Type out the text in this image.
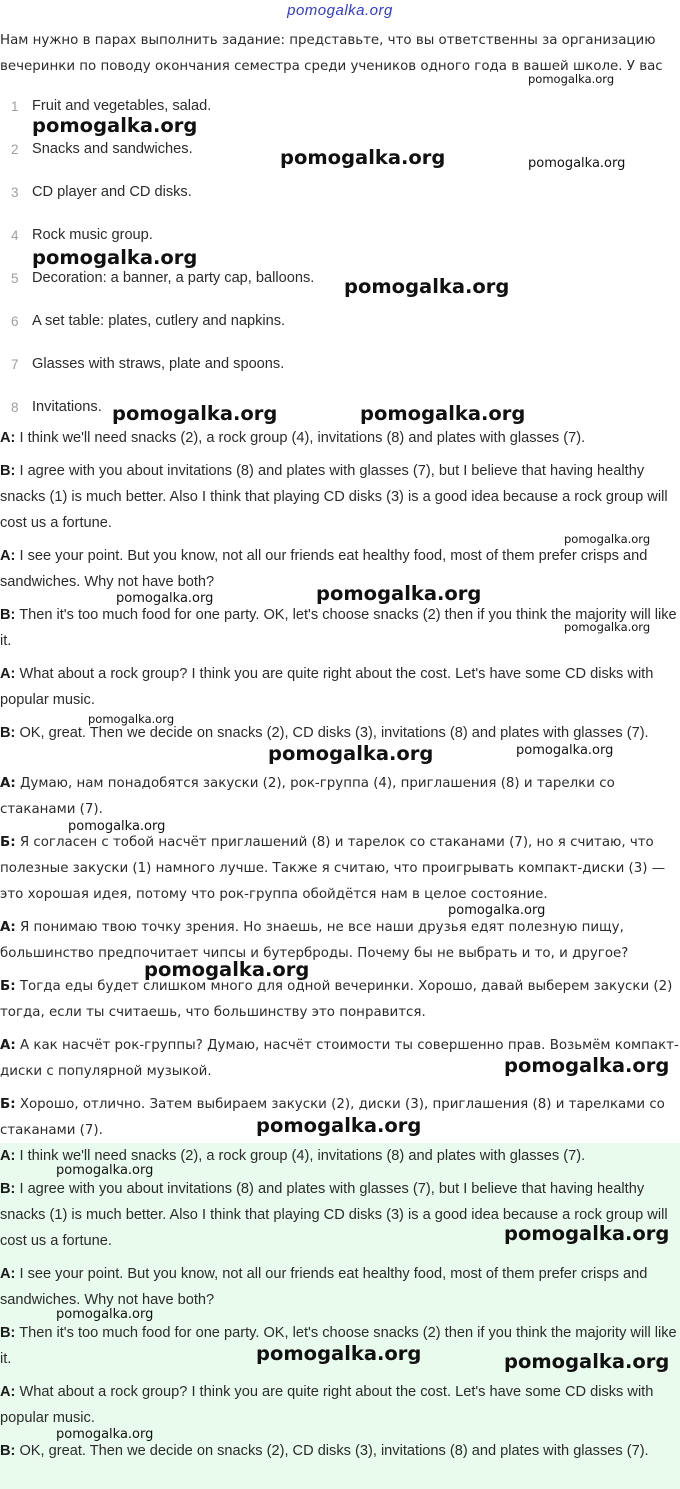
pomogalka.org
Нам нужно в парах выполнить задание: представьте, что вы ответственны за организацию вечеринки по поводу окончания семестра среди учеников одного года в вашей школе. У вас
1 Fruit and vegetables, salad.
2 Snacks and sandwiches.
3 CD player and CD disks.
4 Rock music group.
5 Decoration: a banner, a party cap, balloons.
6 A set table: plates, cutlery and napkins.
7 Glasses with straws, plate and spoons.
8 Invitations.
A: I think we'll need snacks (2), a rock group (4), invitations (8) and plates with glasses (7).
B: I agree with you about invitations (8) and plates with glasses (7), but I believe that having healthy snacks (1) is much better. Also I think that playing CD disks (3) is a good idea because a rock group will cost us a fortune.
A: I see your point. But you know, not all our friends eat healthy food, most of them prefer crisps and sandwiches. Why not have both?
B: Then it's too much food for one party. OK, let's choose snacks (2) then if you think the majority will like it.
A: What about a rock group? I think you are quite right about the cost. Let's have some CD disks with popular music.
B: OK, great. Then we decide on snacks (2), CD disks (3), invitations (8) and plates with glasses (7).
А: Думаю, нам понадобятся закуски (2), рок-группа (4), приглашения (8) и тарелки со стаканами (7).
Б: Я согласен с тобой насчёт приглашений (8) и тарелок со стаканами (7), но я считаю, что полезные закуски (1) намного лучше. Также я считаю, что проигрывать компакт-диски (3) — это хорошая идея, потому что рок-группа обойдётся нам в целое состояние.
А: Я понимаю твою точку зрения. Но знаешь, не все наши друзья едят полезную пищу, большинство предпочитает чипсы и бутерброды. Почему бы не выбрать и то, и другое?
Б: Тогда еды будет слишком много для одной вечеринки. Хорошо, давай выберем закуски (2) тогда, если ты считаешь, что большинству это понравится.
А: А как насчёт рок-группы? Думаю, насчёт стоимости ты совершенно прав. Возьмём компакт-диски с популярной музыкой.
Б: Хорошо, отлично. Затем выбираем закуски (2), диски (3), приглашения (8) и тарелками со стаканами (7).
A: I think we'll need snacks (2), a rock group (4), invitations (8) and plates with glasses (7).
B: I agree with you about invitations (8) and plates with glasses (7), but I believe that having healthy snacks (1) is much better. Also I think that playing CD disks (3) is a good idea because a rock group will cost us a fortune.
A: I see your point. But you know, not all our friends eat healthy food, most of them prefer crisps and sandwiches. Why not have both?
B: Then it's too much food for one party. OK, let's choose snacks (2) then if you think the majority will like it.
A: What about a rock group? I think you are quite right about the cost. Let's have some CD disks with popular music.
B: OK, great. Then we decide on snacks (2), CD disks (3), invitations (8) and plates with glasses (7).
pomogalka.org
pomogalka.org
pomogalka.org	pomogalka.org
pomogalka.org
pomogalka.org
pomogalka.org	pomogalka.org
pomogalka.org
pomogalka.org	pomogalka.org
pomogalka.org
pomogalka.org
pomogalka.org	pomogalka.org
pomogalka.org
pomogalka.org
pomogalka.org
pomogalka.org
pomogalka.org
pomogalka.org
pomogalka.org
pomogalka.org
pomogalka.org	pomogalka.org
pomogalka.org
